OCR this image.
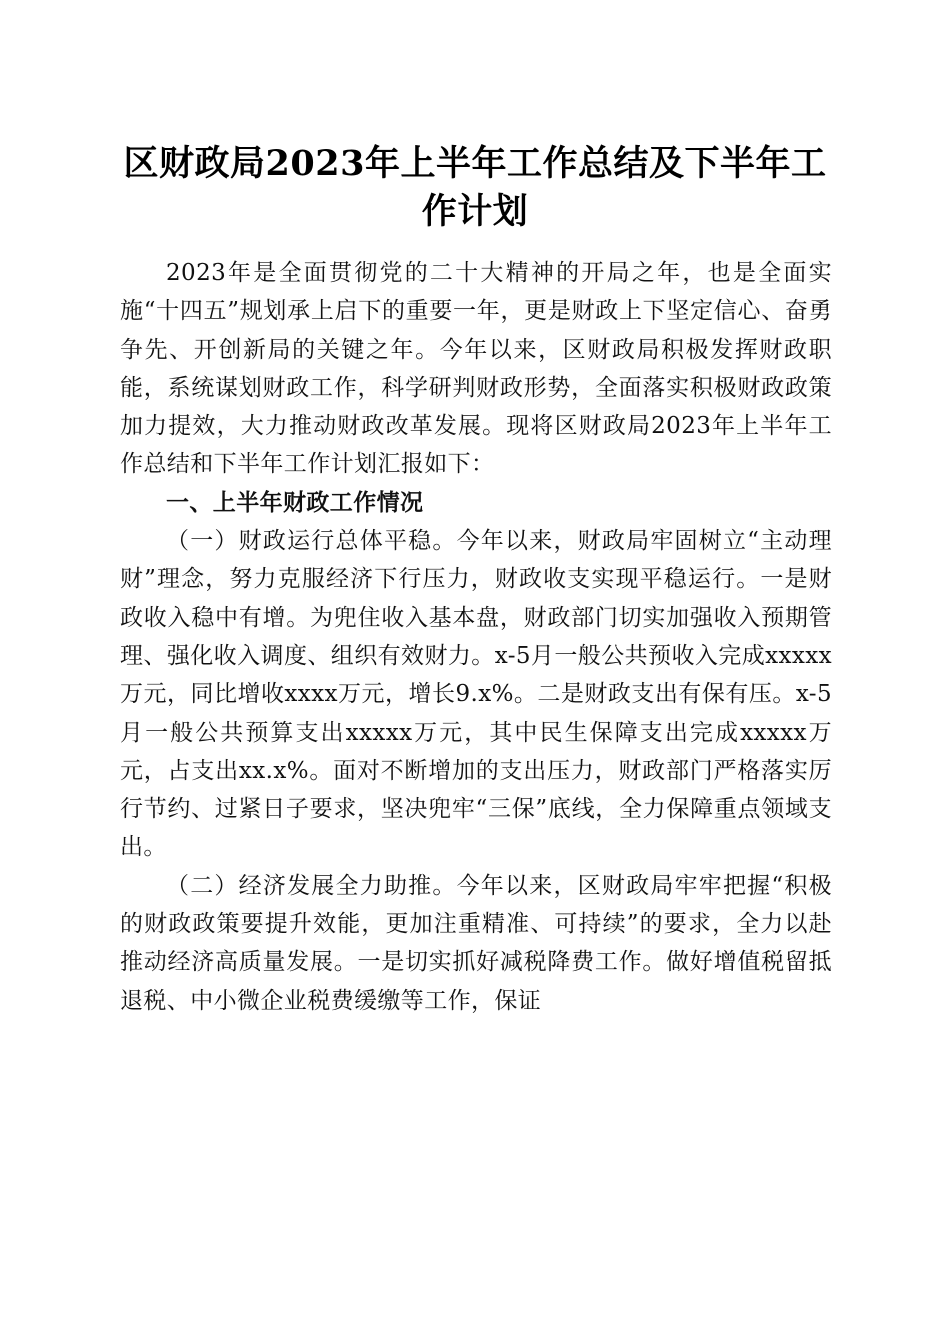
区财政局2023年上半年工作总结及下半年工作计划

2023年是全面贯彻党的二十大精神的开局之年，也是全面实施“十四五”规划承上启下的重要一年，更是财政上下坚定信心、奋勇争先、开创新局的关键之年。今年以来，区财政局积极发挥财政职能，系统谋划财政工作，科学研判财政形势，全面落实积极财政政策加力提效，大力推动财政改革发展。现将区财政局2023年上半年工作总结和下半年工作计划汇报如下：

一、上半年财政工作情况

（一）财政运行总体平稳。今年以来，财政局牢固树立“主动理财”理念，努力克服经济下行压力，财政收支实现平稳运行。一是财政收入稳中有增。为兜住收入基本盘，财政部门切实加强收入预期管理、强化收入调度、组织有效财力。x-5月一般公共预收入完成xxxxx万元，同比增收xxxx万元，增长9.x%。二是财政支出有保有压。x-5月一般公共预算支出xxxxx万元，其中民生保障支出完成xxxxx万元，占支出xx.x%。面对不断增加的支出压力，财政部门严格落实厉行节约、过紧日子要求，坚决兜牢“三保”底线，全力保障重点领域支出。

（二）经济发展全力助推。今年以来，区财政局牢牢把握“积极的财政政策要提升效能，更加注重精准、可持续”的要求，全力以赴推动经济高质量发展。一是切实抓好减税降费工作。做好增值税留抵退税、中小微企业税费缓缴等工作，保证
